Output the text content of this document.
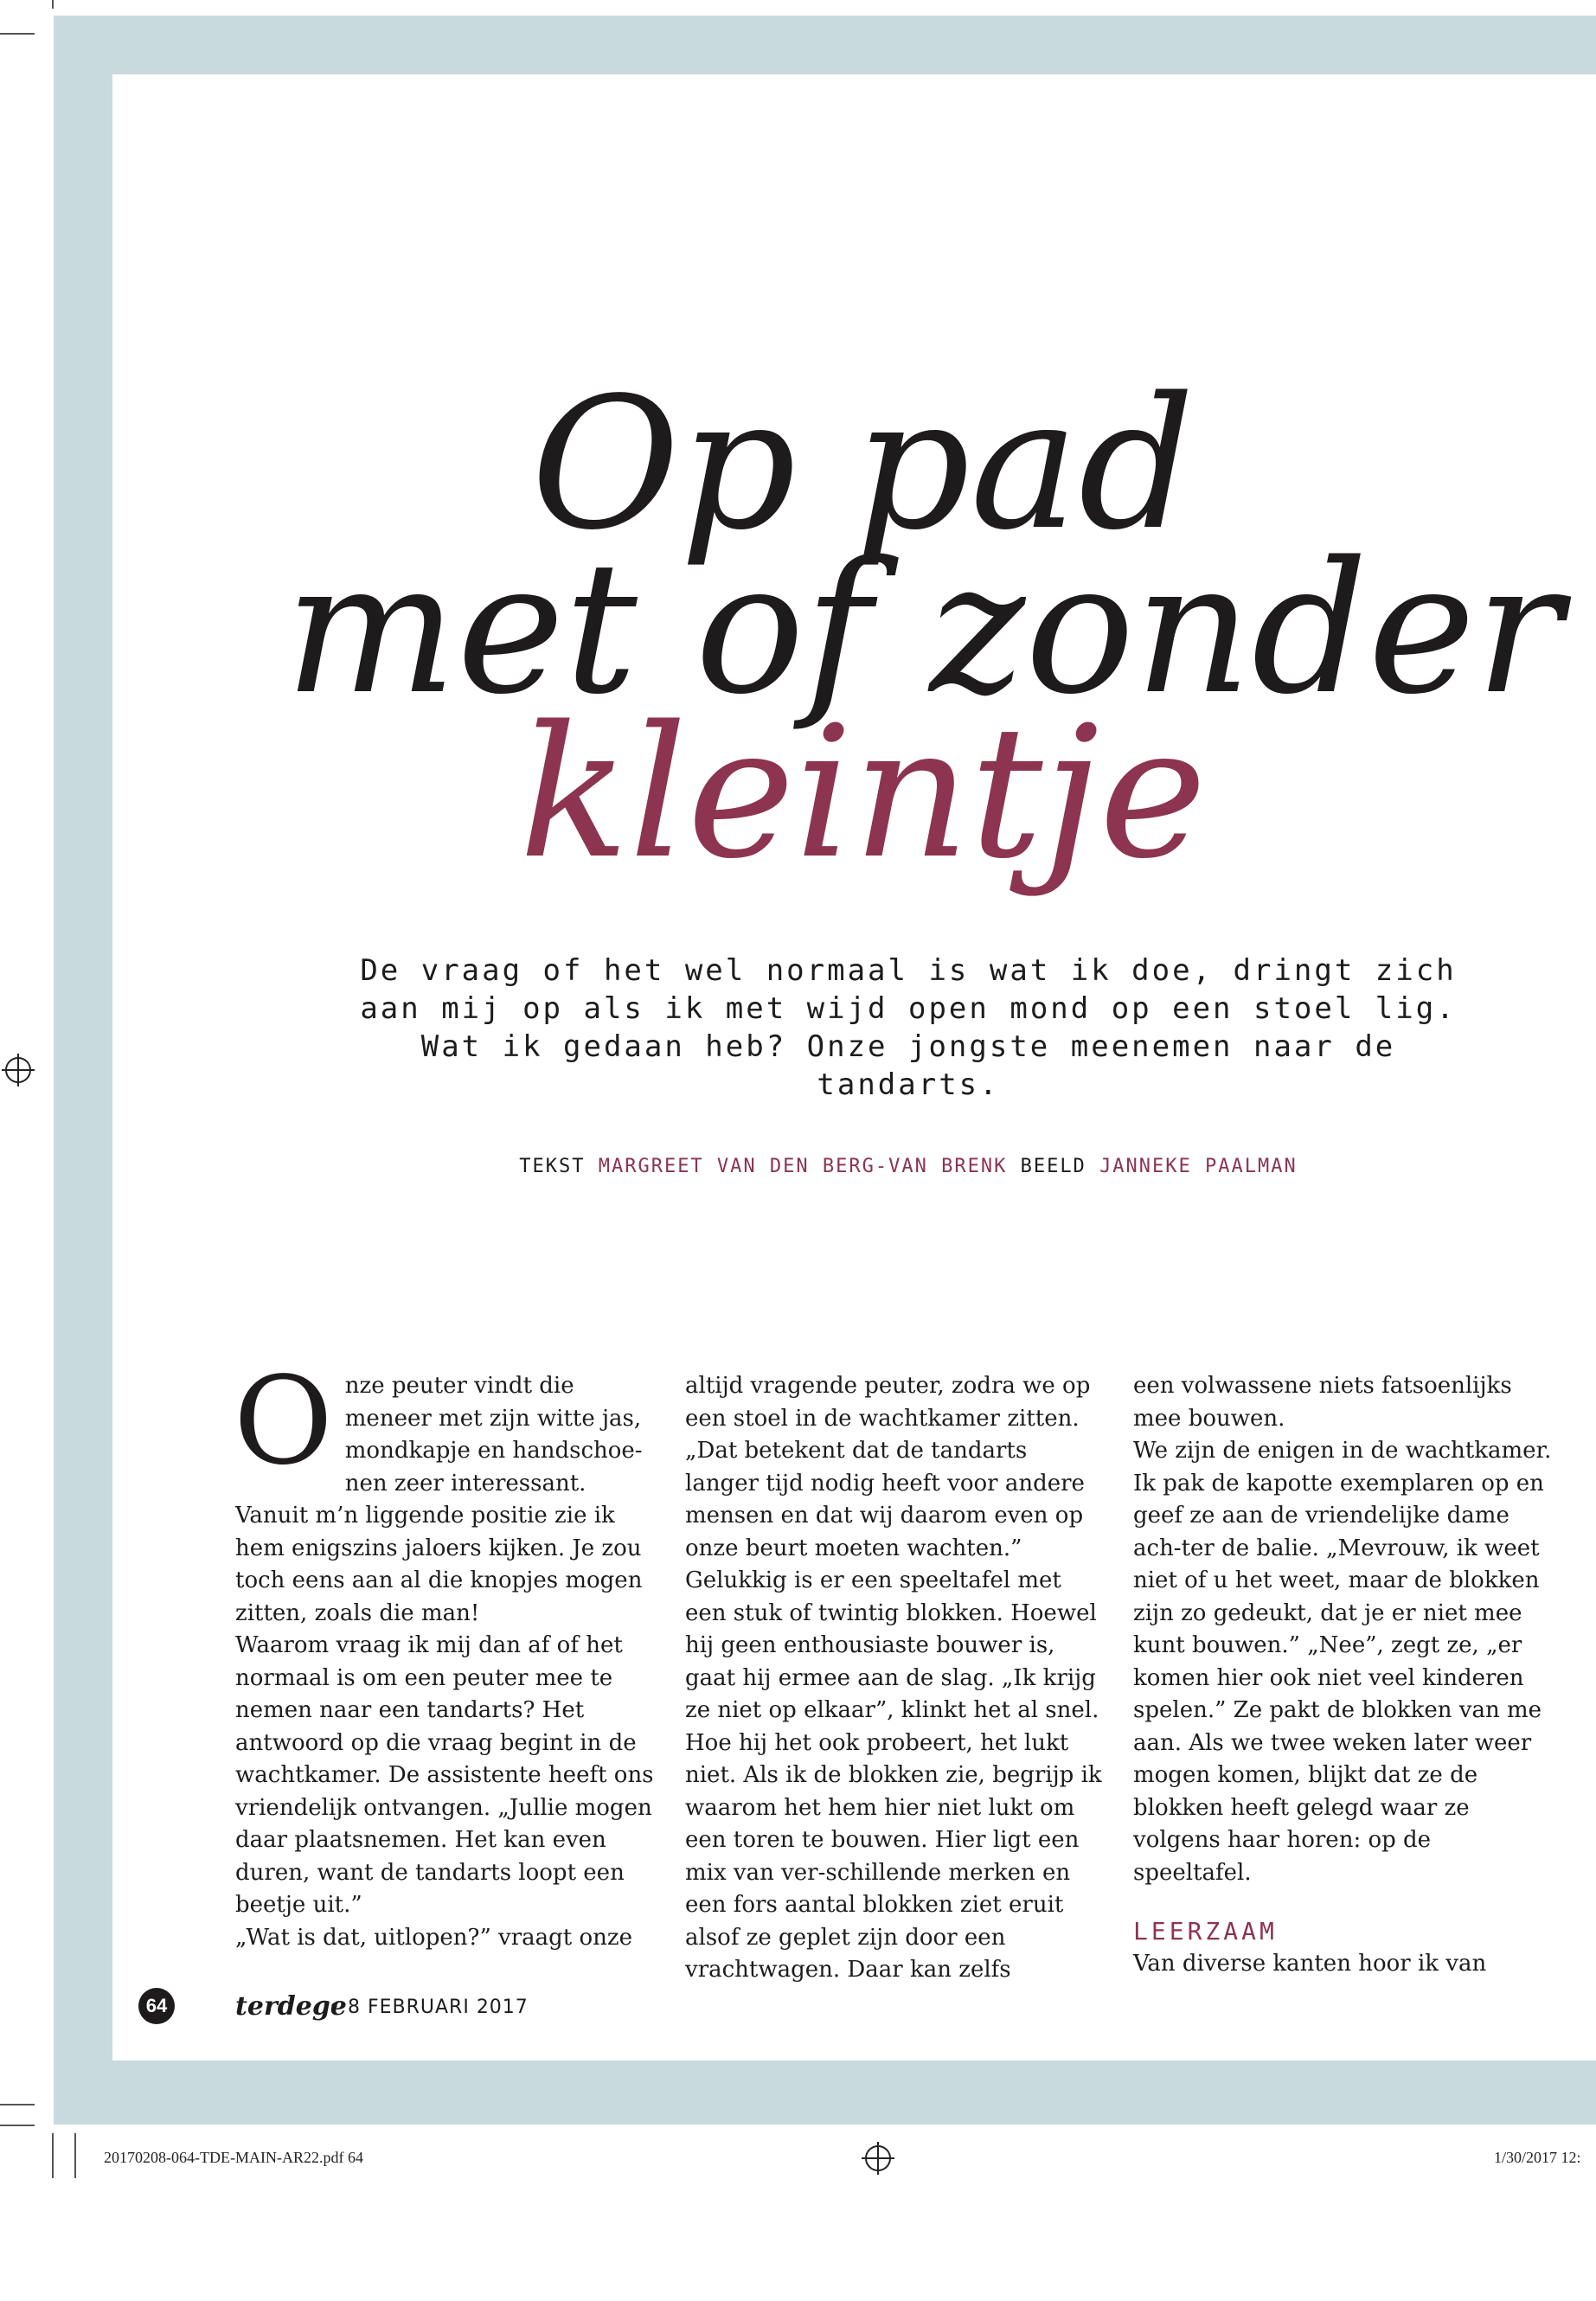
Op pad
met of zonder
kleintje

De vraag of het wel normaal is wat ik doe, dringt zich aan mij op als ik met wijd open mond op een stoel lig. Wat ik gedaan heb? Onze jongste meenemen naar de tandarts.

TEKST MARGREET VAN DEN BERG-VAN BRENK BEELD JANNEKE PAALMAN

O nze peuter vindt die meneer met zijn witte jas, mondkapje en handschoe-nen zeer interessant. Vanuit m’n liggende positie zie ik hem enigszins jaloers kijken. Je zou toch eens aan al die knopjes mogen zitten, zoals die man!

Waarom vraag ik mij dan af of het normaal is om een peuter mee te nemen naar een tandarts? Het antwoord op die vraag begint in de wachtkamer. De assistente heeft ons vriendelijk ontvangen. „Jullie mogen daar plaatsnemen. Het kan even duren, want de tandarts loopt een beetje uit.”

„Wat is dat, uitlopen?” vraagt onze

altijd vragende peuter, zodra we op een stoel in de wachtkamer zitten. „Dat betekent dat de tandarts langer tijd nodig heeft voor andere mensen en dat wij daarom even op onze beurt moeten wachten.”

Gelukkig is er een speeltafel met een stuk of twintig blokken. Hoewel hij geen enthousiaste bouwer is, gaat hij ermee aan de slag. „Ik krijg ze niet op elkaar”, klinkt het al snel. Hoe hij het ook probeert, het lukt niet. Als ik de blokken zie, begrijp ik waarom het hem hier niet lukt om een toren te bouwen. Hier ligt een mix van ver-schillende merken en een fors aantal blokken ziet eruit alsof ze geplet zijn door een vrachtwagen. Daar kan zelfs

een volwassene niets fatsoenlijks mee bouwen.

We zijn de enigen in de wachtkamer. Ik pak de kapotte exemplaren op en geef ze aan de vriendelijke dame ach-ter de balie. „Mevrouw, ik weet niet of u het weet, maar de blokken zijn zo gedeukt, dat je er niet mee kunt bouwen.” „Nee”, zegt ze, „er komen hier ook niet veel kinderen spelen.” Ze pakt de blokken van me aan. Als we twee weken later weer mogen komen, blijkt dat ze de blokken heeft gelegd waar ze volgens haar horen: op de speeltafel.

LEERZAAM

Van diverse kanten hoor ik van

64	terdege
• 8 FEBRUARI 2017
20170208-064-TDE-MAIN-AR22.pdf 64	1/30/2017 12:
